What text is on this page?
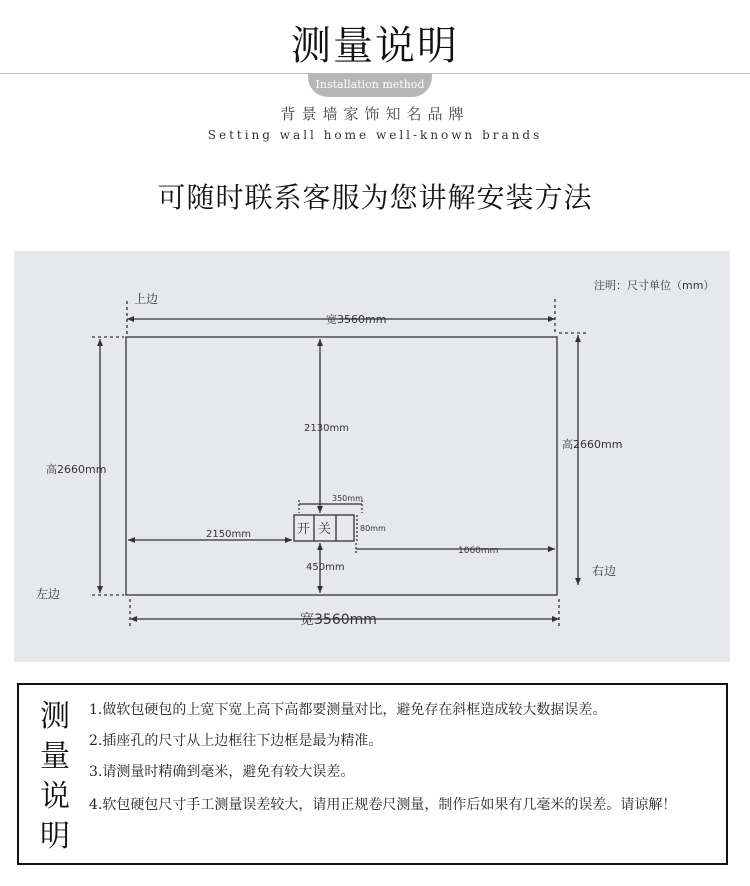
测量说明
Installation method
背景墙家饰知名品牌
Setting wall home well-known brands
可随时联系客服为您讲解安装方法
注明：尺寸单位（mm）
上边
左边
右边
宽3560mm
宽3560mm
高2660mm
高2660mm
2130mm
350mm
2150mm
80mm
450mm
1060mm
开 关
测
量
说
明
1.做软包硬包的上宽下宽上高下高都要测量对比，避免存在斜框造成较大数据误差。
2.插座孔的尺寸从上边框往下边框是最为精准。
3.请测量时精确到毫米，避免有较大误差。
4.软包硬包尺寸手工测量误差较大，请用正规卷尺测量，制作后如果有几毫米的误差。请谅解！
